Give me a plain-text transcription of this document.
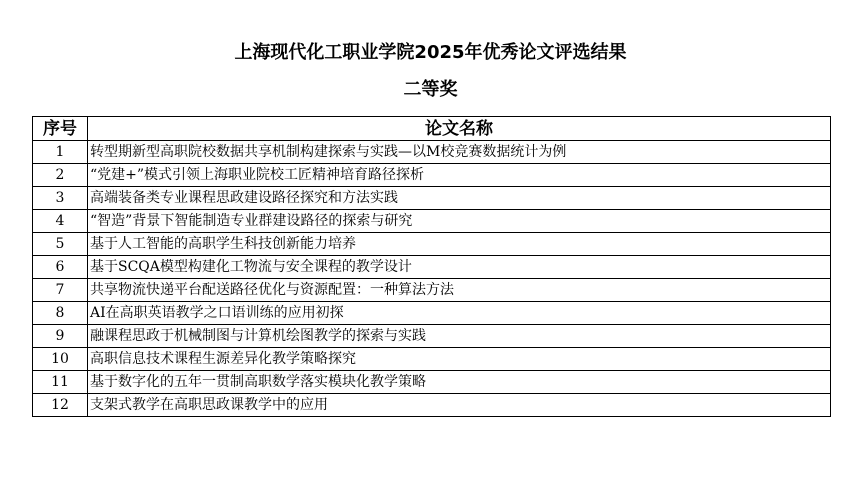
上海现代化工职业学院2025年优秀论文评选结果
二等奖
序号	论文名称
1	转型期新型高职院校数据共享机制构建探索与实践—以M校竞赛数据统计为例
2	“党建+”模式引领上海职业院校工匠精神培育路径探析
3	高端装备类专业课程思政建设路径探究和方法实践
4	“智造”背景下智能制造专业群建设路径的探索与研究
5	基于人工智能的高职学生科技创新能力培养
6	基于SCQA模型构建化工物流与安全课程的教学设计
7	共享物流快递平台配送路径优化与资源配置：一种算法方法
8	AI在高职英语教学之口语训练的应用初探
9	融课程思政于机械制图与计算机绘图教学的探索与实践
10	高职信息技术课程生源差异化教学策略探究
11	基于数字化的五年一贯制高职数学落实模块化教学策略
12	支架式教学在高职思政课教学中的应用
